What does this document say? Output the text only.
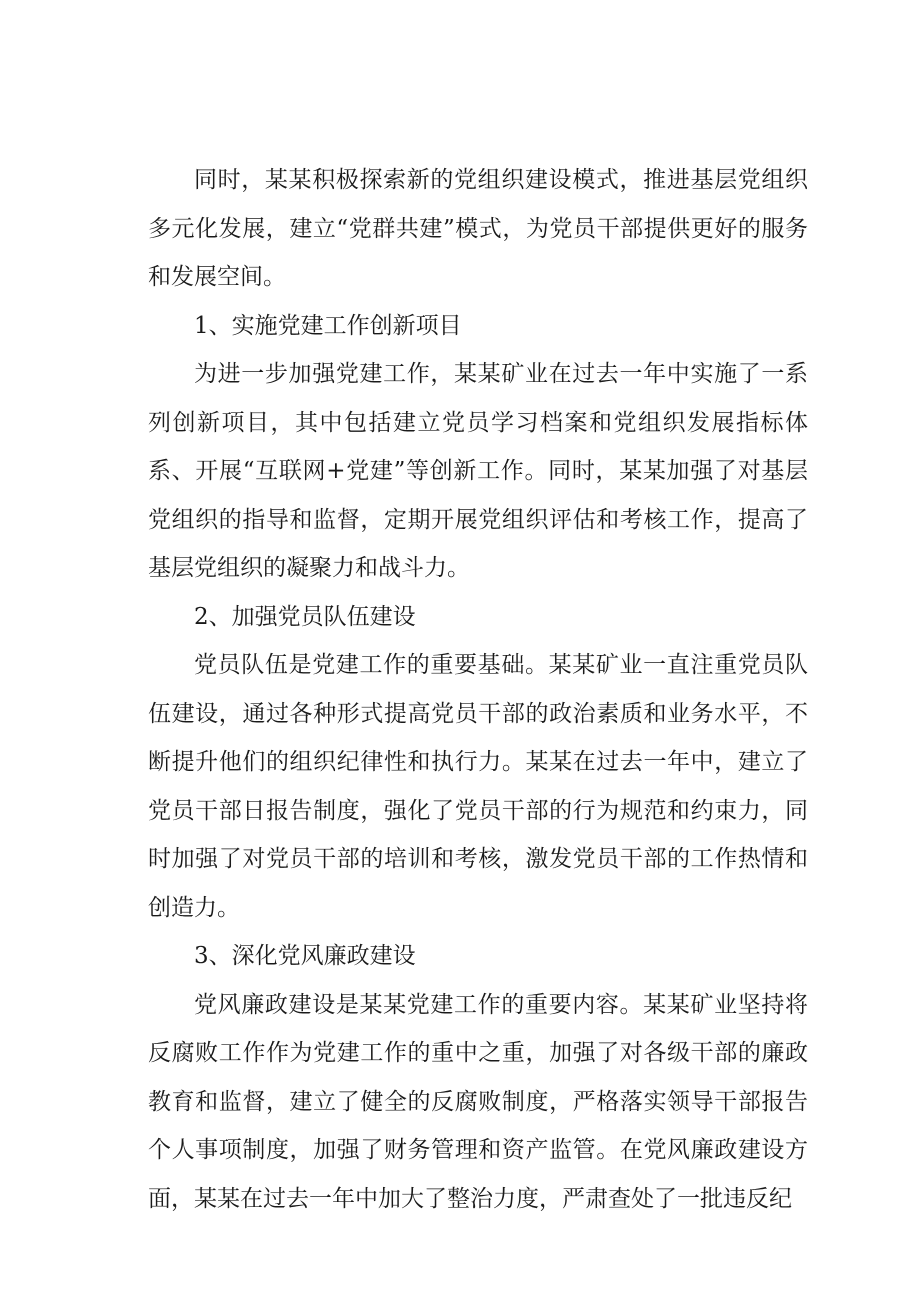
同时，某某积极探索新的党组织建设模式，推进基层党组织多元化发展，建立“党群共建”模式，为党员干部提供更好的服务和发展空间。

1、实施党建工作创新项目

为进一步加强党建工作，某某矿业在过去一年中实施了一系列创新项目，其中包括建立党员学习档案和党组织发展指标体系、开展“互联网+党建”等创新工作。同时，某某加强了对基层党组织的指导和监督，定期开展党组织评估和考核工作，提高了基层党组织的凝聚力和战斗力。

2、加强党员队伍建设

党员队伍是党建工作的重要基础。某某矿业一直注重党员队伍建设，通过各种形式提高党员干部的政治素质和业务水平，不断提升他们的组织纪律性和执行力。某某在过去一年中，建立了党员干部日报告制度，强化了党员干部的行为规范和约束力，同时加强了对党员干部的培训和考核，激发党员干部的工作热情和创造力。

3、深化党风廉政建设

党风廉政建设是某某党建工作的重要内容。某某矿业坚持将反腐败工作作为党建工作的重中之重，加强了对各级干部的廉政教育和监督，建立了健全的反腐败制度，严格落实领导干部报告个人事项制度，加强了财务管理和资产监管。在党风廉政建设方面，某某在过去一年中加大了整治力度，严肃查处了一批违反纪
